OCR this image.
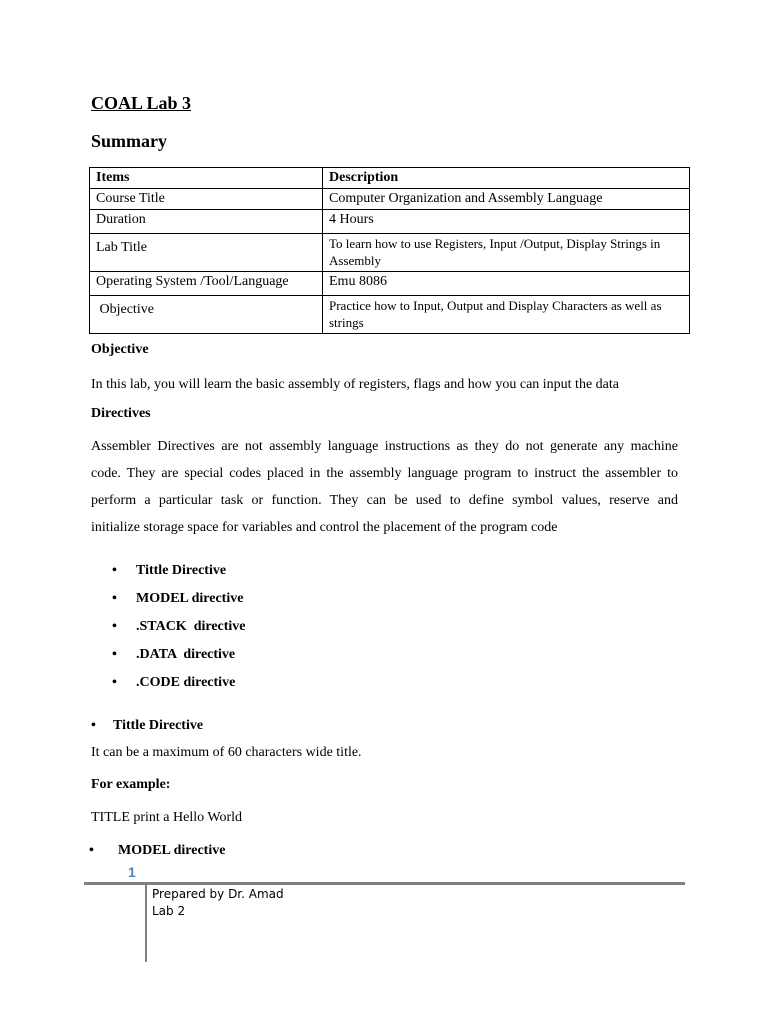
COAL Lab 3
Summary
Items	Description
Course Title	Computer Organization and Assembly Language
Duration	4 Hours
Lab Title	To learn how to use Registers, Input /Output, Display Strings in Assembly
Operating System /Tool/Language	Emu 8086
Objective	Practice how to Input, Output and Display Characters as well as strings
Objective
In this lab, you will learn the basic assembly of registers, flags and how you can input the data
Directives
Assembler Directives are not assembly language instructions as they do not generate any machine
code. They are special codes placed in the assembly language program to instruct the assembler to
perform a particular task or function. They can be used to define symbol values, reserve and
initialize storage space for variables and control the placement of the program code
• Tittle Directive
• MODEL directive
• .STACK  directive
• .DATA  directive
• .CODE directive
• Tittle Directive
It can be a maximum of 60 characters wide title.
For example:
TITLE print a Hello World
• MODEL directive
1
Prepared by Dr. Amad
Lab 2
